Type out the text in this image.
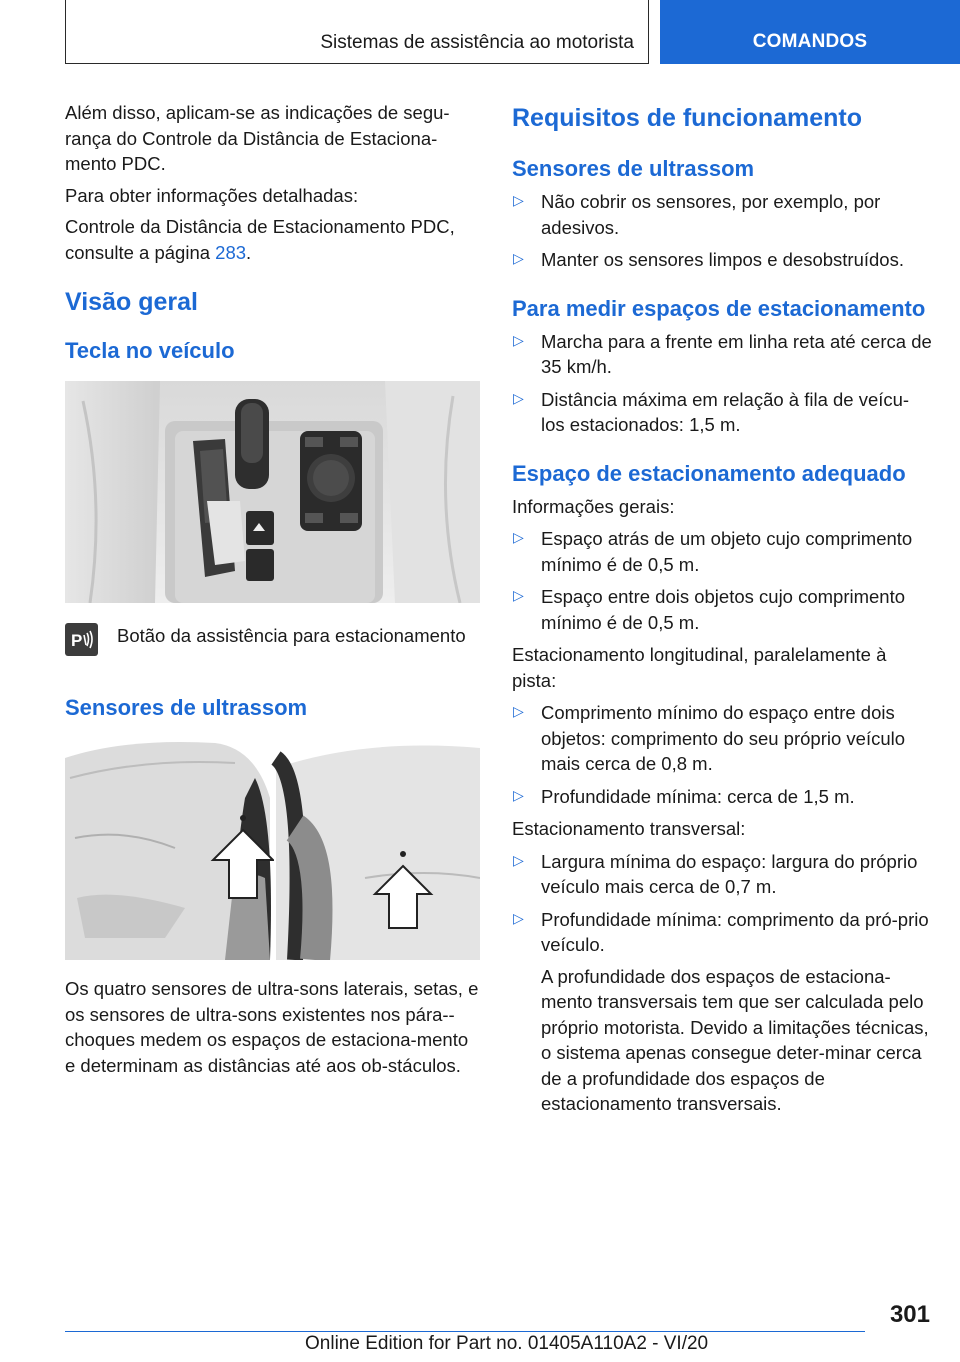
Sistemas de assistência ao motorista	COMANDOS

Além disso, aplicam-se as indicações de segu-rança do Controle da Distância de Estaciona-mento PDC.

Para obter informações detalhadas:

Controle da Distância de Estacionamento PDC, consulte a página 283.

Visão geral
Tecla no veículo
P Botão da assistência para estacionamento
Sensores de ultrassom

Os quatro sensores de ultra-sons laterais, setas, e os sensores de ultra-sons existentes nos pára--choques medem os espaços de estaciona-mento e determinam as distâncias até aos ob-stáculos.

Requisitos de funcionamento
Sensores de ultrassom
▷ Não cobrir os sensores, por exemplo, por adesivos.
▷ Manter os sensores limpos e desobstruídos.
Para medir espaços de estacionamento
▷ Marcha para a frente em linha reta até cerca de 35 km/h.
▷ Distância máxima em relação à fila de veícu-los estacionados: 1,5 m.
Espaço de estacionamento adequado

Informações gerais:

▷ Espaço atrás de um objeto cujo comprimento mínimo é de 0,5 m.
▷ Espaço entre dois objetos cujo comprimento mínimo é de 0,5 m.

Estacionamento longitudinal, paralelamente à pista:

▷ Comprimento mínimo do espaço entre dois objetos: comprimento do seu próprio veículo mais cerca de 0,8 m.
▷ Profundidade mínima: cerca de 1,5 m.

Estacionamento transversal:

▷ Largura mínima do espaço: largura do próprio veículo mais cerca de 0,7 m.
▷ Profundidade mínima: comprimento da pró-prio veículo.

A profundidade dos espaços de estaciona-mento transversais tem que ser calculada pelo próprio motorista. Devido a limitações técnicas, o sistema apenas consegue deter-minar cerca de a profundidade dos espaços de estacionamento transversais.

301
Online Edition for Part no. 01405A110A2 - VI/20
